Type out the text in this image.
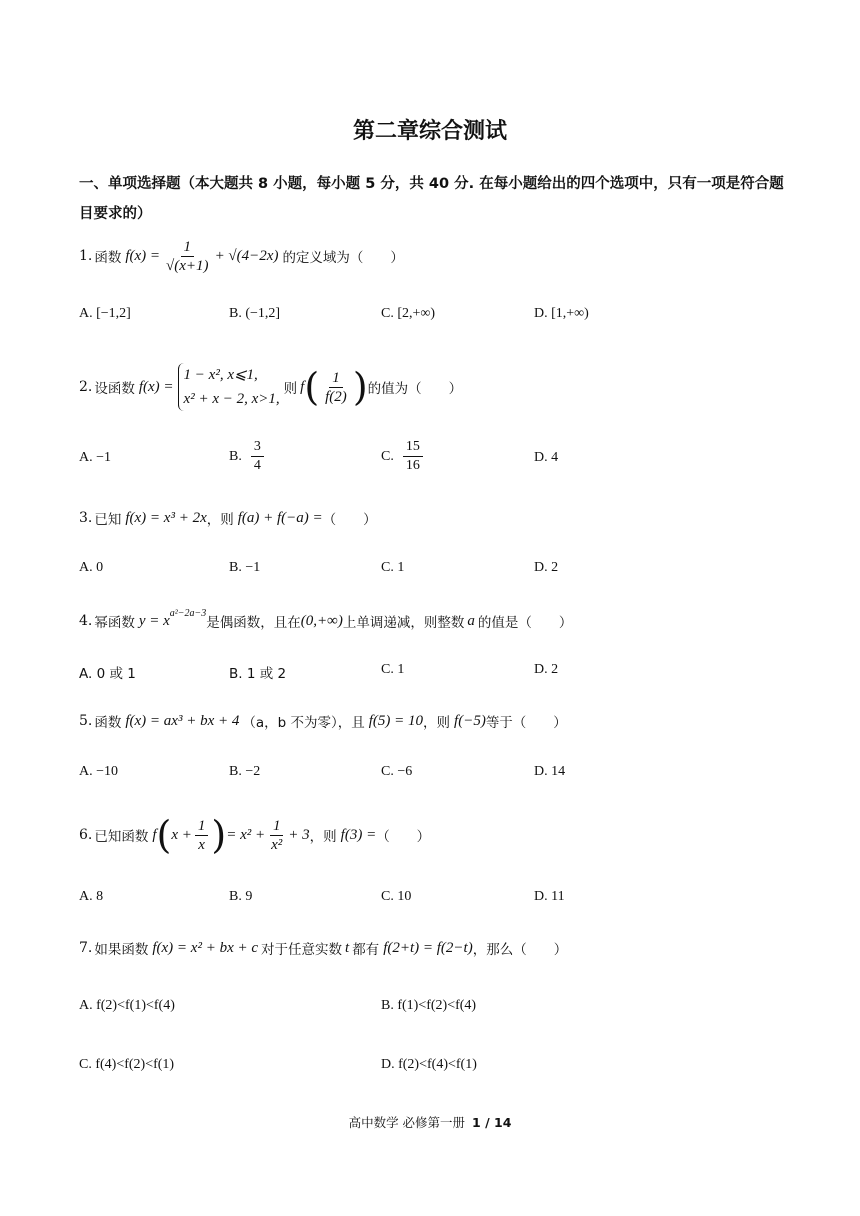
第二章综合测试
一、单项选择题（本大题共 8 小题，每小题 5 分，共 40 分. 在每小题给出的四个选项中，只有一项是符合题目要求的）
1. 函数 $f(x) = \frac{1}{√(x+1)} + √(4-2x)$ 的定义域为（　　）
A. [−1,2]	B. (−1,2]	C. [2,+∞)	D. [1,+∞)
2. 设函数 f(x) =
1 − x², x⩽1,
x² + x − 2, x>1,
则 f ( $\frac{1}{f(2)}$ ) 的值为（　　）
A. −1	B. $\frac{3}{4}$	C. $\frac{15}{16}$	D. 4
3. 已知 f(x) = x³ + 2x ，则 f(a) + f(−a) = （　　）
A. 0	B. −1	C. 1	D. 2
4. 幂函数 $y = x^{a^2-2a-3}$
是偶函数，且在 (0,+∞) 上单调递减，则整数 a 的值是（　　）
A. 0 或 1	B. 1 或 2	C. 1	D. 2
5. 函数 f(x) = ax³ + bx + 4 （a，b 不为零），且 f(5) = 10 ，则 f(−5) 等于（　　）
A. −10	B. −2	C. −6	D. 14
6. 已知函数 f ( $x + \frac{1}{x}$ ) = $x^2 + \frac{1}{\text{x²}} + 3$ ，则 f(3) = （　　）
A. 8	B. 9	C. 10	D. 11
7. 如果函数 f(x) = x² + bx + c 对于任意实数 t 都有 f(2+t) = f(2−t) ，那么（　　）
A. f(2)<f(1)<f(4)	B. f(1)<f(2)<f(4)
C. f(4)<f(2)<f(1)	D. f(2)<f(4)<f(1)
高中数学 必修第一册 1 / 14
